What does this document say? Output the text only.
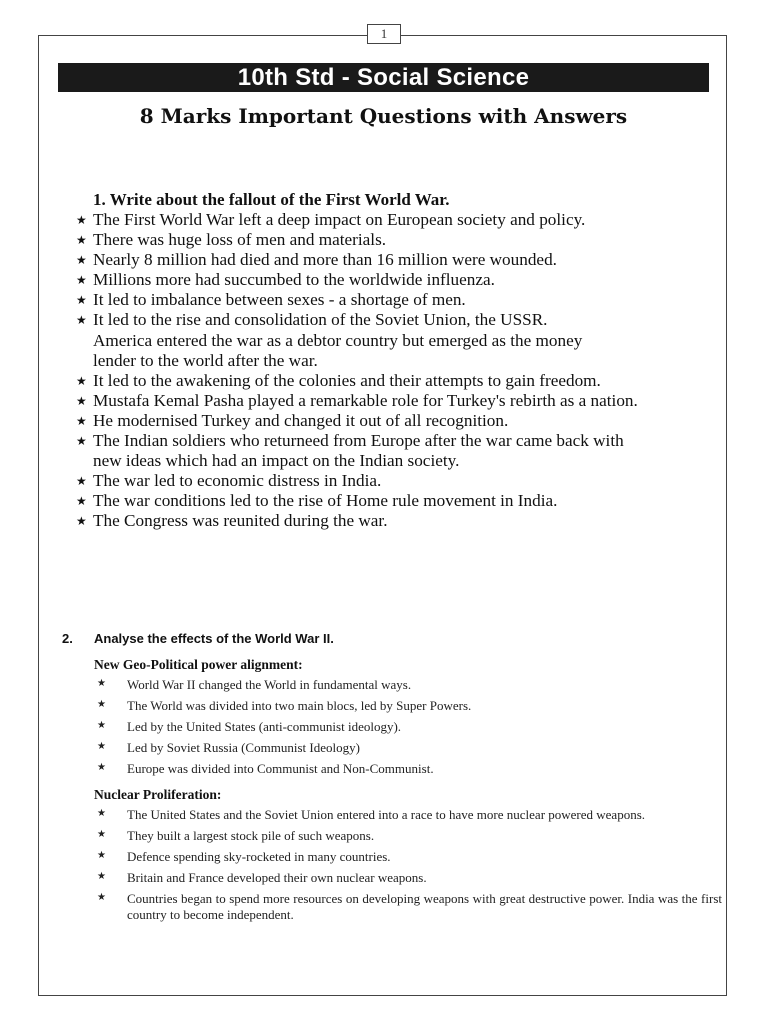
1
10th Std - Social Science
8 Marks Important Questions with Answers
1. Write about the fallout of the First World War.
★ The First World War left a deep impact on European society and policy.
★ There was huge loss of men and materials.
★ Nearly 8 million had died and more than 16 million were wounded.
★ Millions more had succumbed to the worldwide influenza.
★ It led to imbalance between sexes - a shortage of men.
★ It led to the rise and consolidation of the Soviet Union, the USSR.
America entered the war as a debtor country but emerged as the money
lender to the world after the war.
★ It led to the awakening of the colonies and their attempts to gain freedom.
★ Mustafa Kemal Pasha played a remarkable role for Turkey's rebirth as a nation.
★ He modernised Turkey and changed it out of all recognition.
★ The Indian soldiers who returneed from Europe after the war came back with
new ideas which had an impact on the Indian society.
★ The war led to economic distress in India.
★ The war conditions led to the rise of Home rule movement in India.
★ The Congress was reunited during the war.
2.	Analyse the effects of the World War II.
New Geo-Political power alignment:
★ World War II changed the World in fundamental ways.
★ The World was divided into two main blocs, led by Super Powers.
★ Led by the United States (anti-communist ideology).
★ Led by Soviet Russia (Communist Ideology)
★ Europe was divided into Communist and Non-Communist.
Nuclear Proliferation:
★ The United States and the Soviet Union entered into a race to have more nuclear powered weapons.
★ They built a largest stock pile of such weapons.
★ Defence spending sky-rocketed in many countries.
★ Britain and France developed their own nuclear weapons.
★ Countries began to spend more resources on developing weapons with great destructive power. India was the first country to become independent.
